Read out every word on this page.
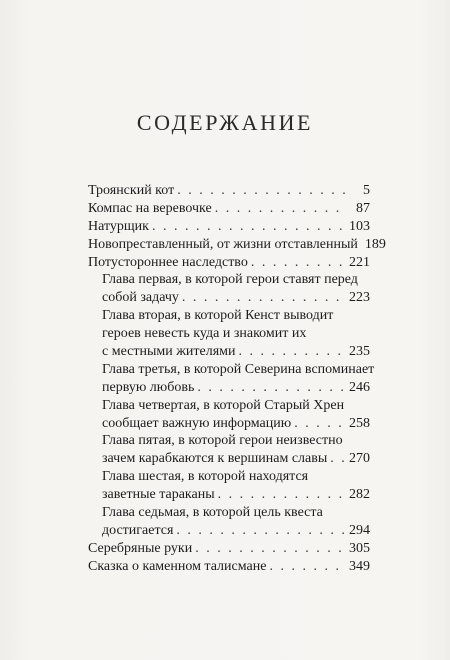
СОДЕРЖАНИЕ
Троянский кот . . .	5
Компас на веревочке . . .	87
Натурщик . . .	103
Новопреставленный, от жизни отставленный 189
Потустороннее наследство . . .	221
Глава первая, в которой герои ставят перед
собой задачу . . .	223
Глава вторая, в которой Кенст выводит
героев невесть куда и знакомит их
с местными жителями . . .	235
Глава третья, в которой Северина вспоминает
первую любовь . . .	246
Глава четвертая, в которой Старый Хрен
сообщает важную информацию . . .	258
Глава пятая, в которой герои неизвестно
зачем карабкаются к вершинам славы . . . 270
Глава шестая, в которой находятся
заветные тараканы . . .	282
Глава седьмая, в которой цель квеста
достигается . . .	294
Серебряные руки . . .	305
Сказка о каменном талисмане . . .	349
